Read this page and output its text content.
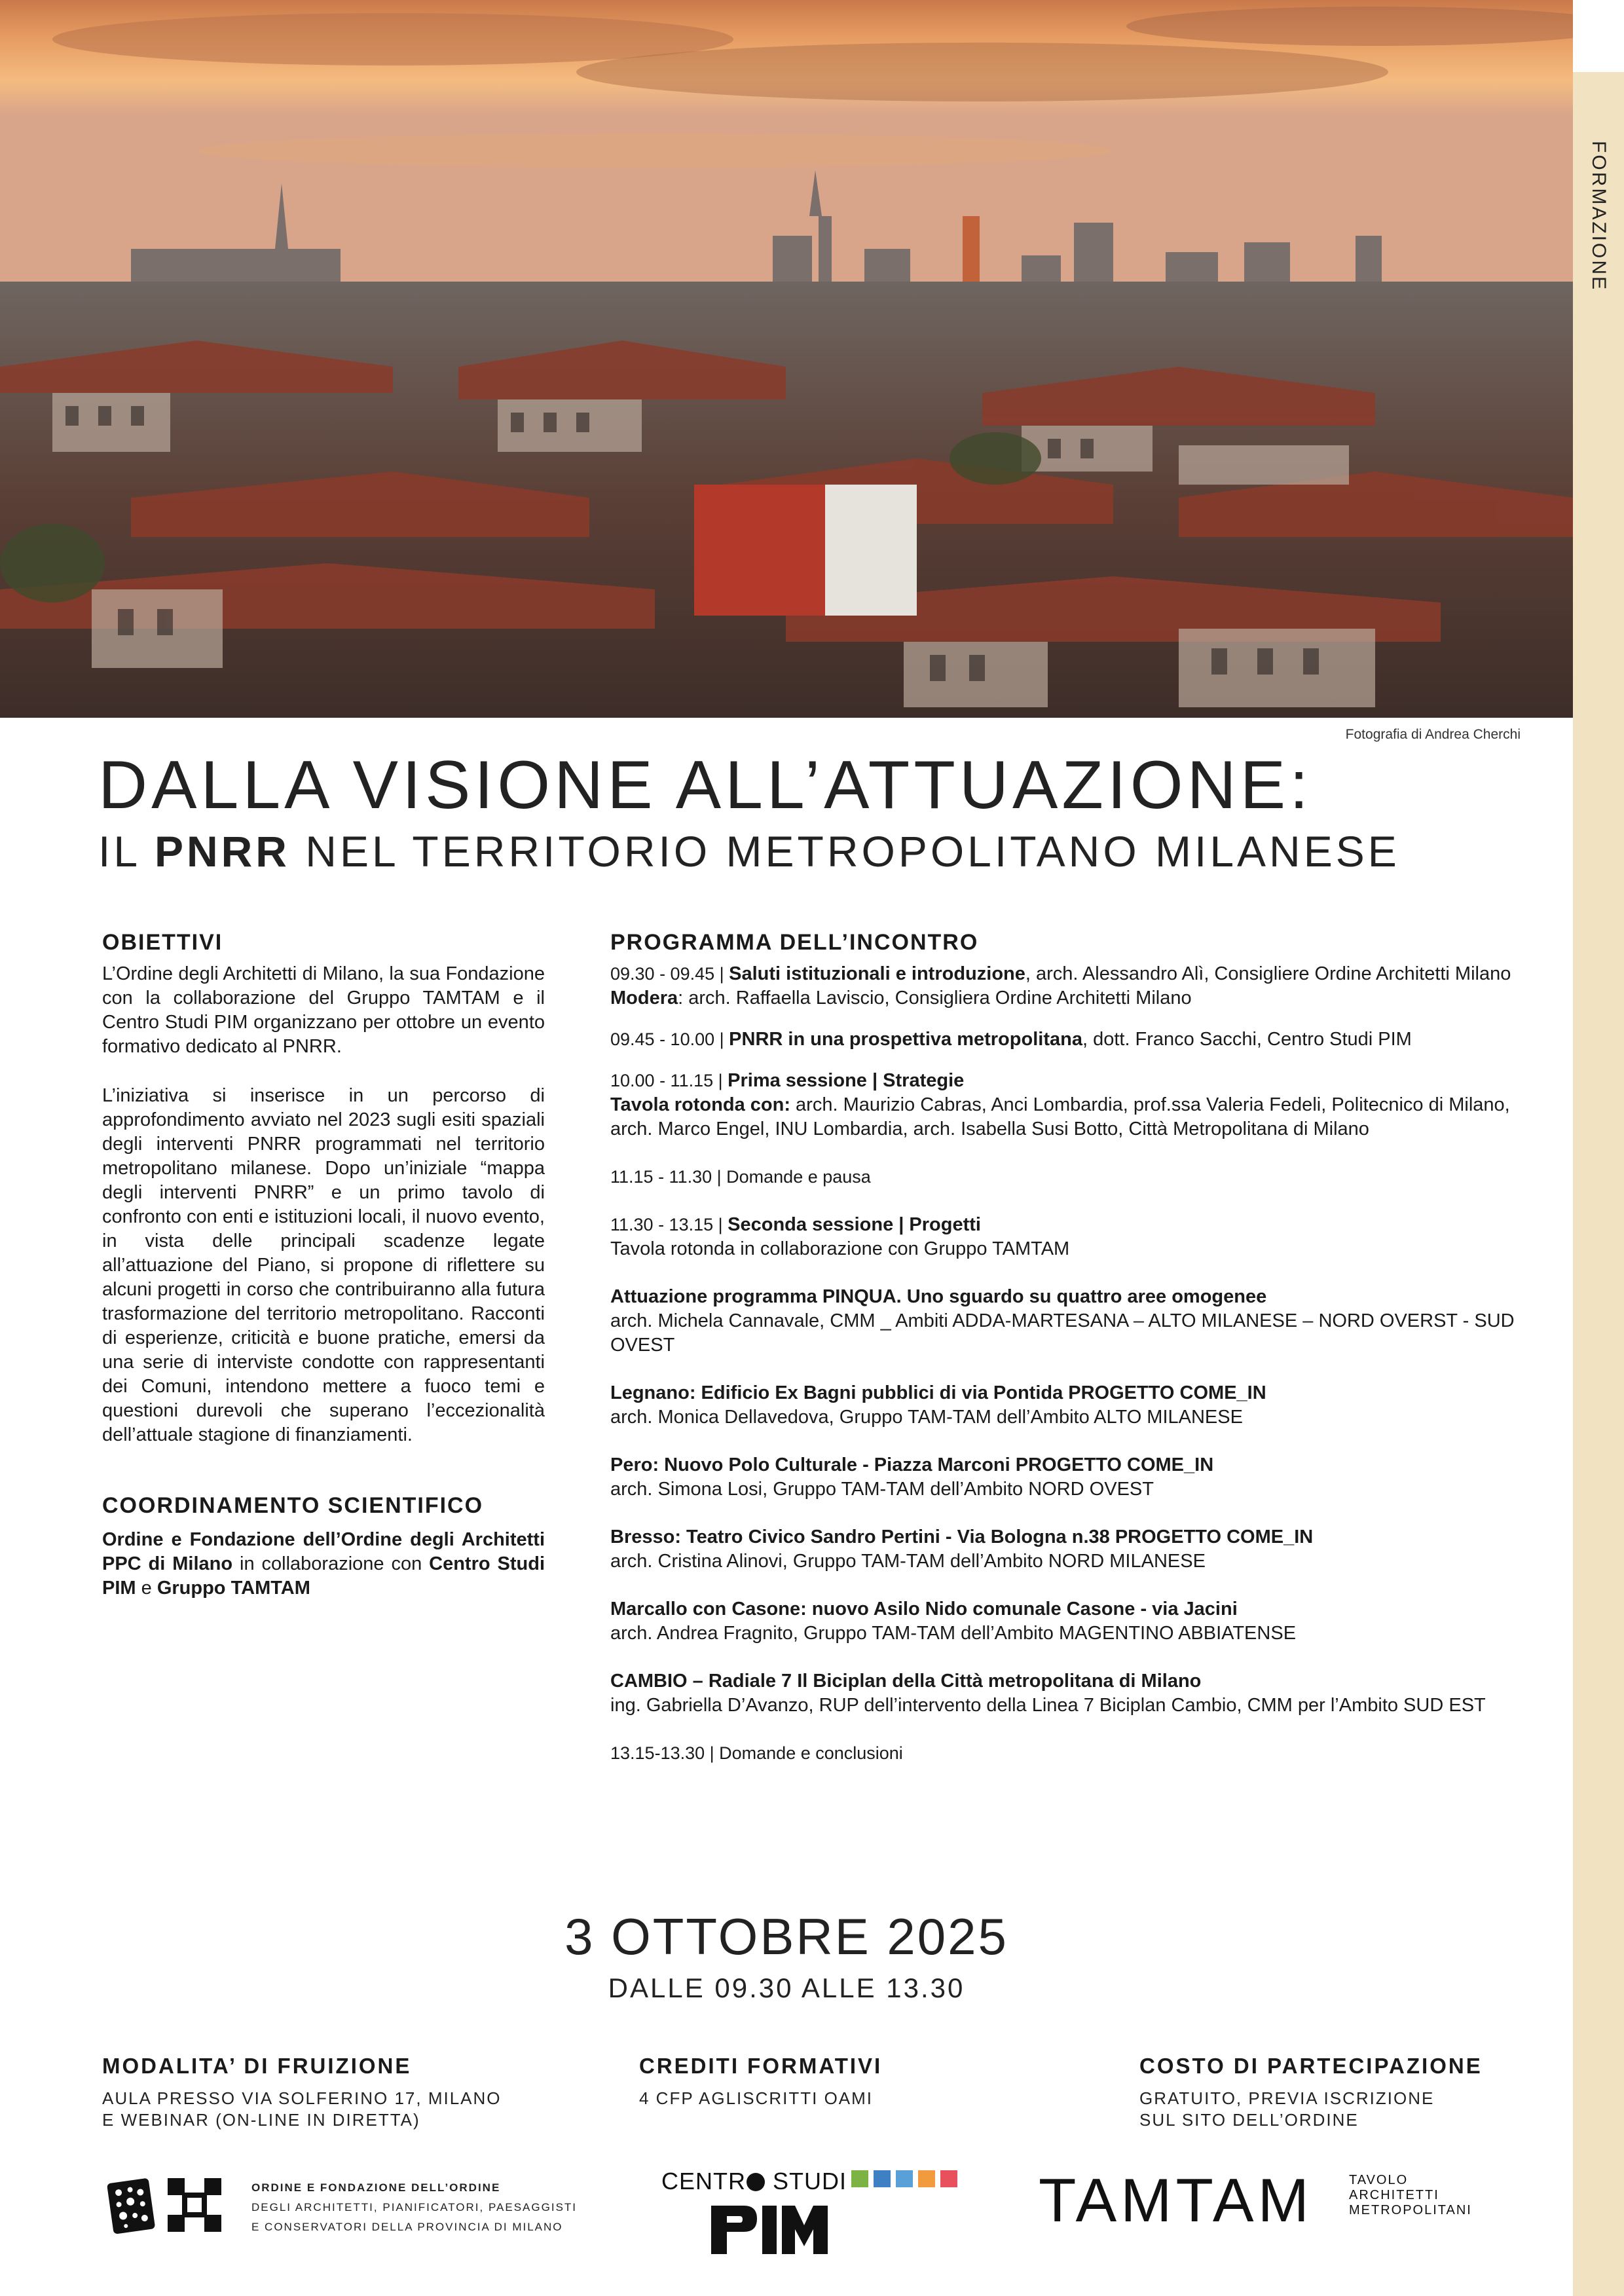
Fotografia di Andrea Cherchi
FORMAZIONE
DALLA VISIONE ALL’ATTUAZIONE:
IL PNRR NEL TERRITORIO METROPOLITANO MILANESE
OBIETTIVI

L’Ordine degli Architetti di Milano, la sua Fondazione con la collaborazione del Gruppo TAMTAM e il Centro Studi PIM organizzano per ottobre un evento formativo dedicato al PNRR.

L’iniziativa si inserisce in un percorso di approfondimento avviato nel 2023 sugli esiti spaziali degli interventi PNRR programmati nel territorio metropolitano milanese. Dopo un’iniziale “mappa degli interventi PNRR” e un primo tavolo di confronto con enti e istituzioni locali, il nuovo evento, in vista delle principali scadenze legate all’attuazione del Piano, si propone di riflettere su alcuni progetti in corso che contribuiranno alla futura trasformazione del territorio metropolitano. Racconti di esperienze, criticità e buone pratiche, emersi da una serie di interviste condotte con rappresentanti dei Comuni, intendono mettere a fuoco temi e questioni durevoli che superano l’eccezionalità dell’attuale stagione di finanziamenti.

COORDINAMENTO SCIENTIFICO
Ordine e Fondazione dell’Ordine degli Architetti PPC di Milano in collaborazione con Centro Studi PIM e Gruppo TAMTAM
PROGRAMMA DELL’INCONTRO
09.30 - 09.45 | Saluti istituzionali e introduzione, arch. Alessandro Alì, Consigliere Ordine Architetti Milano
Modera: arch. Raffaella Laviscio, Consigliera Ordine Architetti Milano
09.45 - 10.00 | PNRR in una prospettiva metropolitana, dott. Franco Sacchi, Centro Studi PIM
10.00 - 11.15 | Prima sessione | Strategie
Tavola rotonda con: arch. Maurizio Cabras, Anci Lombardia, prof.ssa Valeria Fedeli, Politecnico di Milano, arch. Marco Engel, INU Lombardia, arch. Isabella Susi Botto, Città Metropolitana di Milano
11.15 - 11.30 | Domande e pausa
11.30 - 13.15 | Seconda sessione | Progetti
Tavola rotonda in collaborazione con Gruppo TAMTAM
Attuazione programma PINQUA. Uno sguardo su quattro aree omogenee
arch. Michela Cannavale, CMM _ Ambiti ADDA-MARTESANA – ALTO MILANESE – NORD OVERST - SUD OVEST
Legnano: Edificio Ex Bagni pubblici di via Pontida PROGETTO COME_IN
arch. Monica Dellavedova, Gruppo TAM-TAM dell’Ambito ALTO MILANESE
Pero: Nuovo Polo Culturale - Piazza Marconi PROGETTO COME_IN
arch. Simona Losi, Gruppo TAM-TAM dell’Ambito NORD OVEST
Bresso: Teatro Civico Sandro Pertini - Via Bologna n.38 PROGETTO COME_IN
arch. Cristina Alinovi, Gruppo TAM-TAM dell’Ambito NORD MILANESE
Marcallo con Casone: nuovo Asilo Nido comunale Casone - via Jacini
arch. Andrea Fragnito, Gruppo TAM-TAM dell’Ambito MAGENTINO ABBIATENSE
CAMBIO – Radiale 7 Il Biciplan della Città metropolitana di Milano
ing. Gabriella D’Avanzo, RUP dell’intervento della Linea 7 Biciplan Cambio, CMM per l’Ambito SUD EST
13.15-13.30 | Domande e conclusioni
3 OTTOBRE 2025
DALLE 09.30 ALLE 13.30
MODALITA’ DI FRUIZIONE
AULA PRESSO VIA SOLFERINO 17, MILANO
E WEBINAR (ON-LINE IN DIRETTA)
CREDITI FORMATIVI
4 CFP AGLISCRITTI OAMI
COSTO DI PARTECIPAZIONE
GRATUITO, PREVIA ISCRIZIONE
SUL SITO DELL’ORDINE
ORDINE E FONDAZIONE DELL’ORDINE
DEGLI ARCHITETTI, PIANIFICATORI, PAESAGGISTI
E CONSERVATORI DELLA PROVINCIA DI MILANO
CENTR STUDI	TAMTAM	TAVOLO
ARCHITETTI
METROPOLITANI
